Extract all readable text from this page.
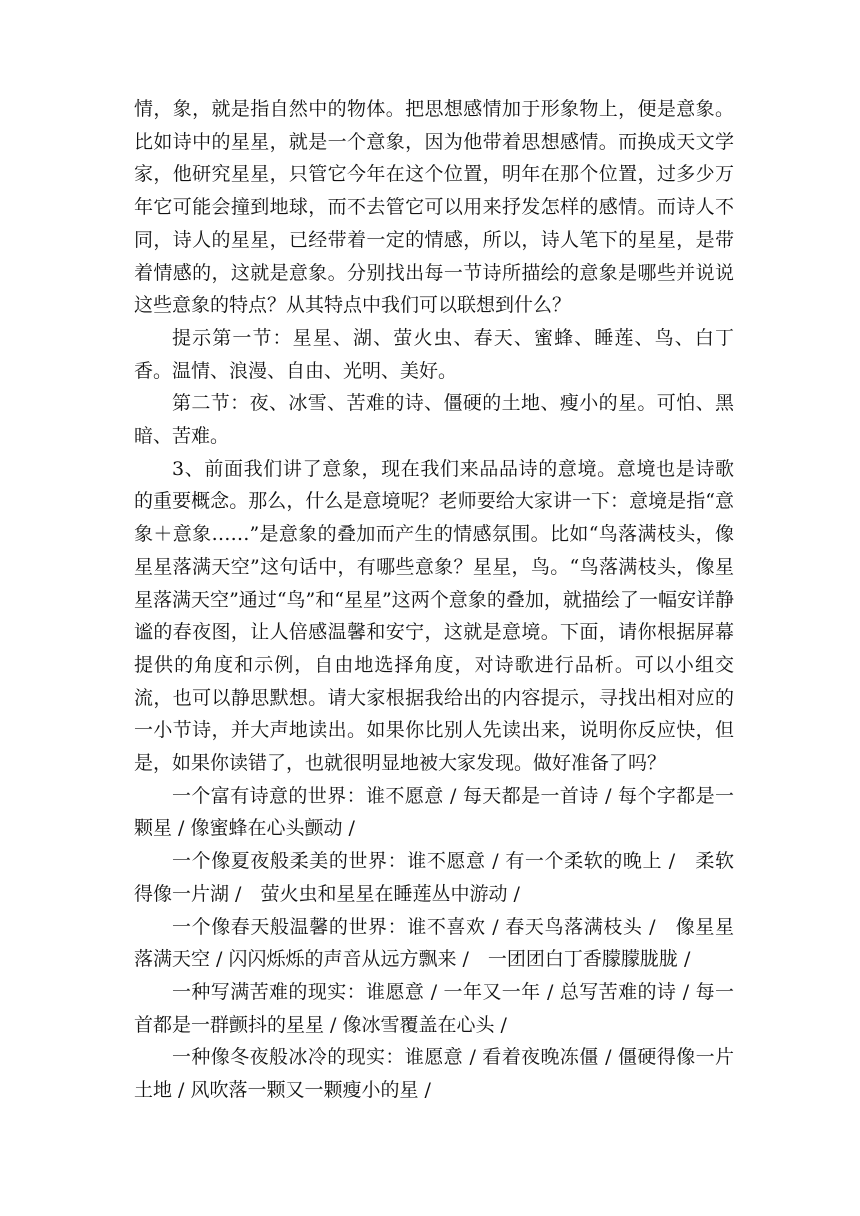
情，象，就是指自然中的物体。把思想感情加于形象物上，便是意象。比如诗中的星星，就是一个意象，因为他带着思想感情。而换成天文学家，他研究星星，只管它今年在这个位置，明年在那个位置，过多少万年它可能会撞到地球，而不去管它可以用来抒发怎样的感情。而诗人不同，诗人的星星，已经带着一定的情感，所以，诗人笔下的星星，是带着情感的，这就是意象。分别找出每一节诗所描绘的意象是哪些并说说这些意象的特点？从其特点中我们可以联想到什么？

提示第一节：星星、湖、萤火虫、春天、蜜蜂、睡莲、鸟、白丁香。温情、浪漫、自由、光明、美好。

第二节：夜、冰雪、苦难的诗、僵硬的土地、瘦小的星。可怕、黑暗、苦难。

3、前面我们讲了意象，现在我们来品品诗的意境。意境也是诗歌的重要概念。那么，什么是意境呢？老师要给大家讲一下：意境是指“意象＋意象……”是意象的叠加而产生的情感氛围。比如“鸟落满枝头，像星星落满天空”这句话中，有哪些意象？星星，鸟。“鸟落满枝头，像星星落满天空”通过“鸟”和“星星”这两个意象的叠加，就描绘了一幅安详静谧的春夜图，让人倍感温馨和安宁，这就是意境。下面，请你根据屏幕提供的角度和示例，自由地选择角度，对诗歌进行品析。可以小组交流，也可以静思默想。请大家根据我给出的内容提示，寻找出相对应的一小节诗，并大声地读出。如果你比别人先读出来，说明你反应快，但是，如果你读错了，也就很明显地被大家发现。做好准备了吗？

一个富有诗意的世界：谁不愿意 / 每天都是一首诗 / 每个字都是一颗星 / 像蜜蜂在心头颤动 /

一个像夏夜般柔美的世界：谁不愿意 / 有一个柔软的晚上 /　柔软得像一片湖 /　萤火虫和星星在睡莲丛中游动 /

一个像春天般温馨的世界：谁不喜欢 / 春天鸟落满枝头 /　像星星落满天空 / 闪闪烁烁的声音从远方飘来 /　一团团白丁香朦朦胧胧 /

一种写满苦难的现实：谁愿意 / 一年又一年 / 总写苦难的诗 / 每一首都是一群颤抖的星星 / 像冰雪覆盖在心头 /

一种像冬夜般冰冷的现实：谁愿意 / 看着夜晚冻僵 / 僵硬得像一片土地 / 风吹落一颗又一颗瘦小的星 /
